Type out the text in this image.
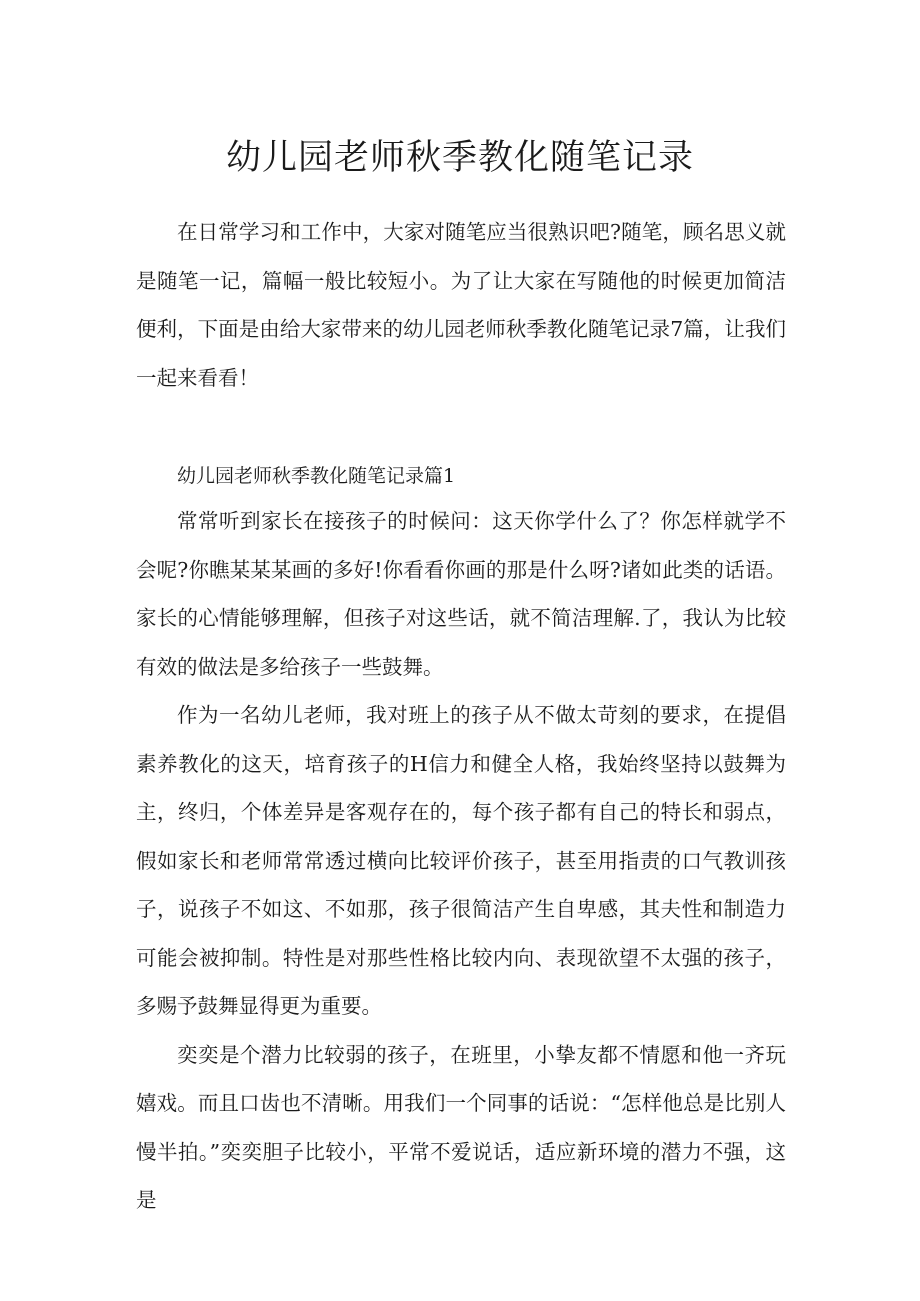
幼儿园老师秋季教化随笔记录

在日常学习和工作中，大家对随笔应当很熟识吧?随笔，顾名思义就是随笔一记，篇幅一般比较短小。为了让大家在写随他的时候更加简洁便利，下面是由给大家带来的幼儿园老师秋季教化随笔记录7篇，让我们一起来看看！

幼儿园老师秋季教化随笔记录篇1

常常听到家长在接孩子的时候问：这天你学什么了？你怎样就学不会呢?你瞧某某某画的多好!你看看你画的那是什么呀?诸如此类的话语。家长的心情能够理解，但孩子对这些话，就不简洁理解.了，我认为比较有效的做法是多给孩子一些鼓舞。

作为一名幼儿老师，我对班上的孩子从不做太苛刻的要求，在提倡素养教化的这天，培育孩子的H信力和健全人格，我始终坚持以鼓舞为主，终归，个体差异是客观存在的，每个孩子都有自己的特长和弱点，假如家长和老师常常透过横向比较评价孩子，甚至用指责的口气教训孩子，说孩子不如这、不如那，孩子很简洁产生自卑感，其夫性和制造力可能会被抑制。特性是对那些性格比较内向、表现欲望不太强的孩子，多赐予鼓舞显得更为重要。

奕奕是个潜力比较弱的孩子，在班里，小挚友都不情愿和他一齐玩嬉戏。而且口齿也不清晰。用我们一个同事的话说：“怎样他总是比别人慢半拍。”奕奕胆子比较小，平常不爱说话，适应新环境的潜力不强，这是
